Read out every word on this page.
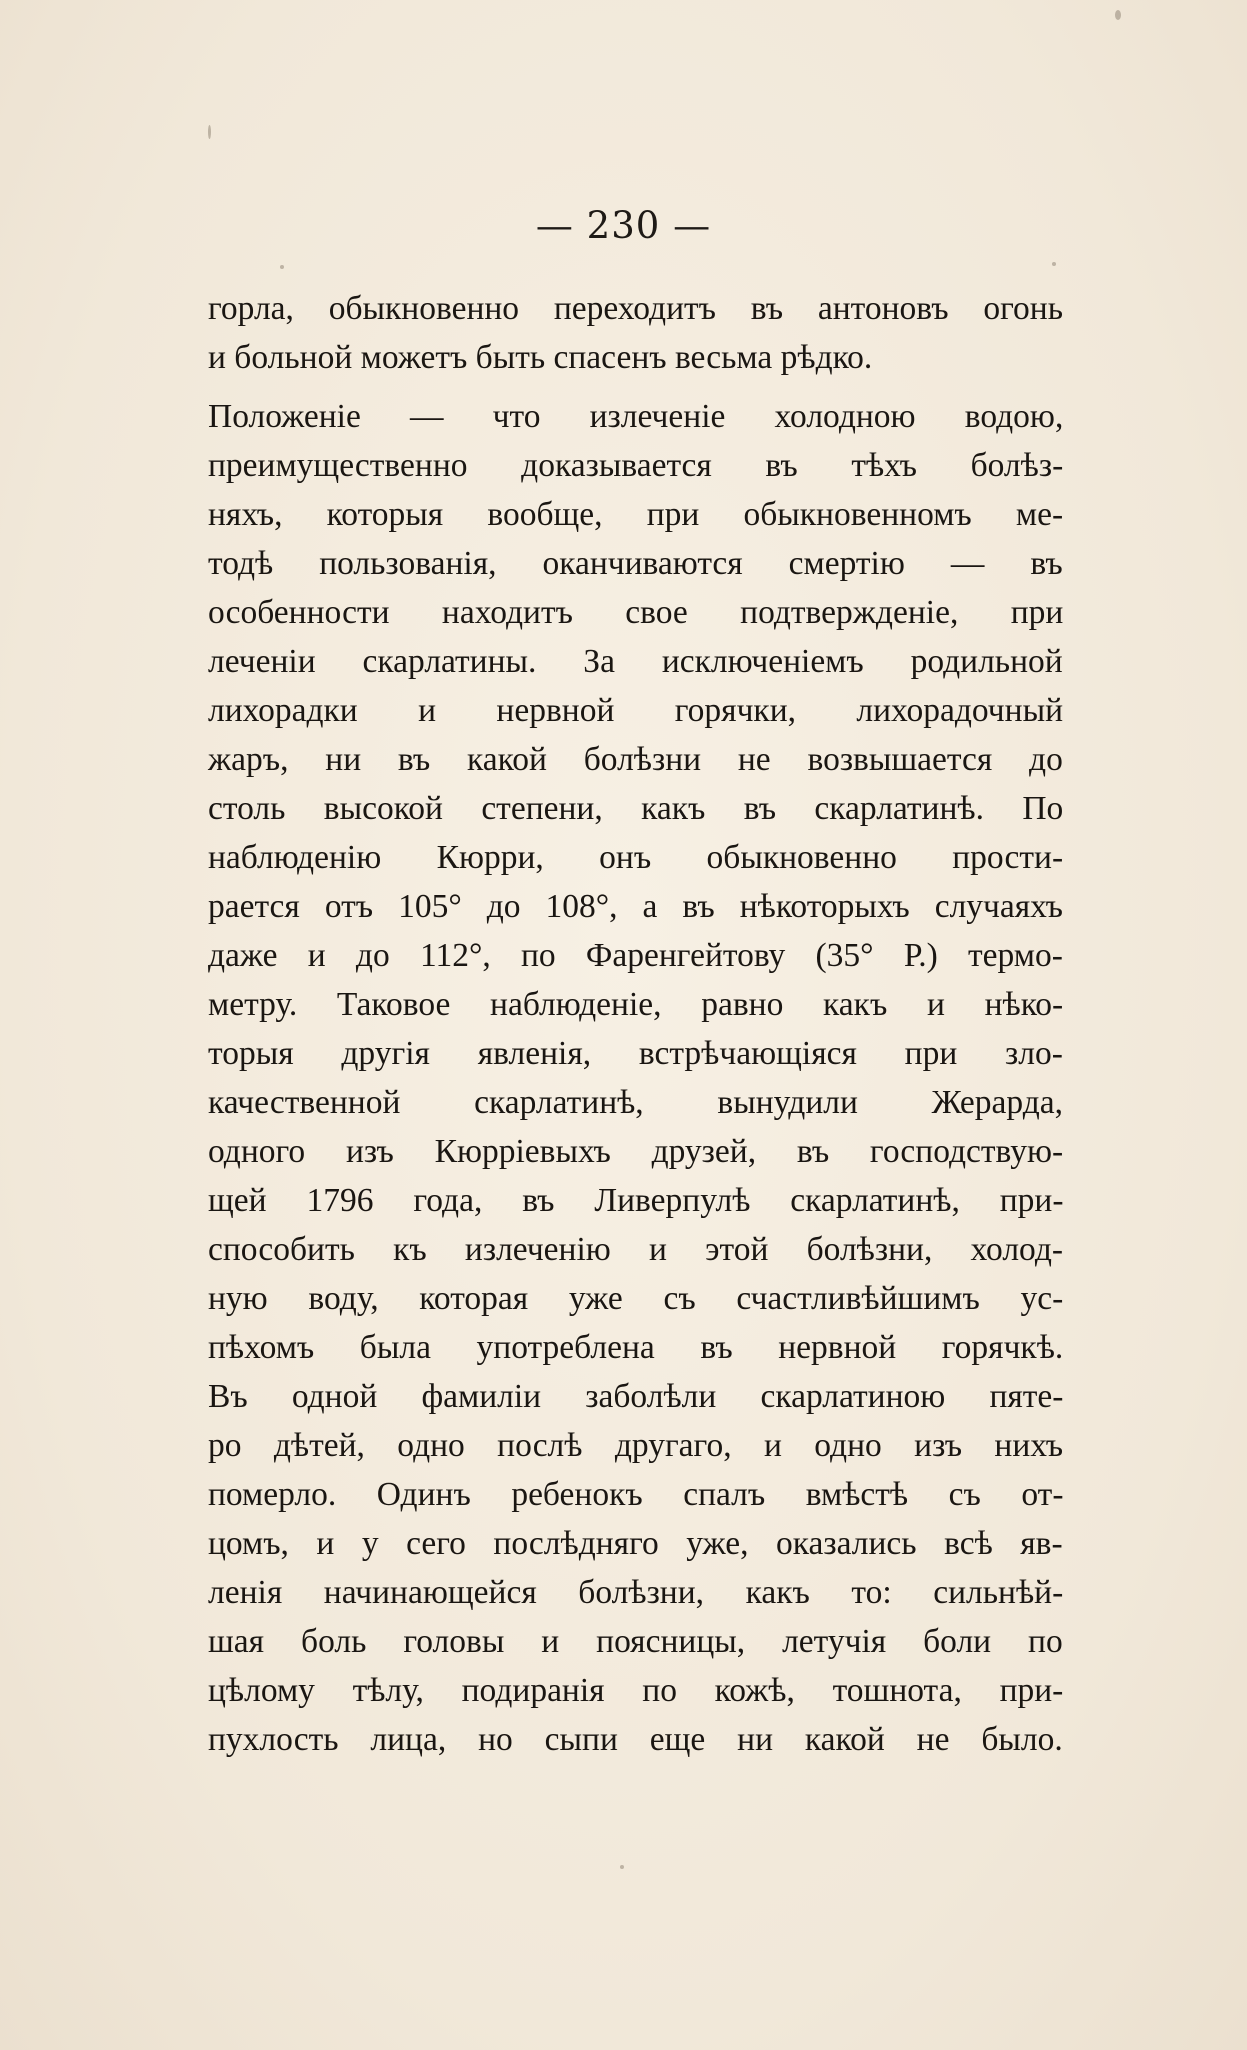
— 230 —
горла, обыкновенно переходитъ въ антоновъ огонь
и больной можетъ быть спасенъ весьма рѣдко.
Положенiе — что излеченiе холодною водою,
преимущественно доказывается въ тѣхъ болѣз-
няхъ, которыя вообще, при обыкновенномъ ме-
тодѣ пользованiя, оканчиваются смертiю — въ
особенности находитъ свое подтвержденiе, при
леченiи скарлатины. За исключенiемъ родильной
лихорадки и нервной горячки, лихорадочный
жаръ, ни въ какой болѣзни не возвышается до
столь высокой степени, какъ въ скарлатинѣ. По
наблюденiю Кюрри, онъ обыкновенно прости-
рается отъ 105° до 108°, а въ нѣкоторыхъ случаяхъ
даже и до 112°, по Фаренгейтову (35° Р.) термо-
метру. Таковое наблюденiе, равно какъ и нѣко-
торыя другiя явленiя, встрѣчающiяся при зло-
качественной скарлатинѣ, вынудили Жерарда,
одного изъ Кюррiевыхъ друзей, въ господствую-
щей 1796 года, въ Ливерпулѣ скарлатинѣ, при-
способить къ излеченiю и этой болѣзни, холод-
ную воду, которая уже съ счастливѣйшимъ ус-
пѣхомъ была употреблена въ нервной горячкѣ.
Въ одной фамилiи заболѣли скарлатиною пяте-
ро дѣтей, одно послѣ другаго, и одно изъ нихъ
померло. Одинъ ребенокъ спалъ вмѣстѣ съ от-
цомъ, и у сего послѣдняго уже, оказались всѣ яв-
ленiя начинающейся болѣзни, какъ то: сильнѣй-
шая боль головы и поясницы, летучiя боли по
цѣлому тѣлу, подиранiя по кожѣ, тошнота, при-
пухлость лица, но сыпи еще ни какой не было.
